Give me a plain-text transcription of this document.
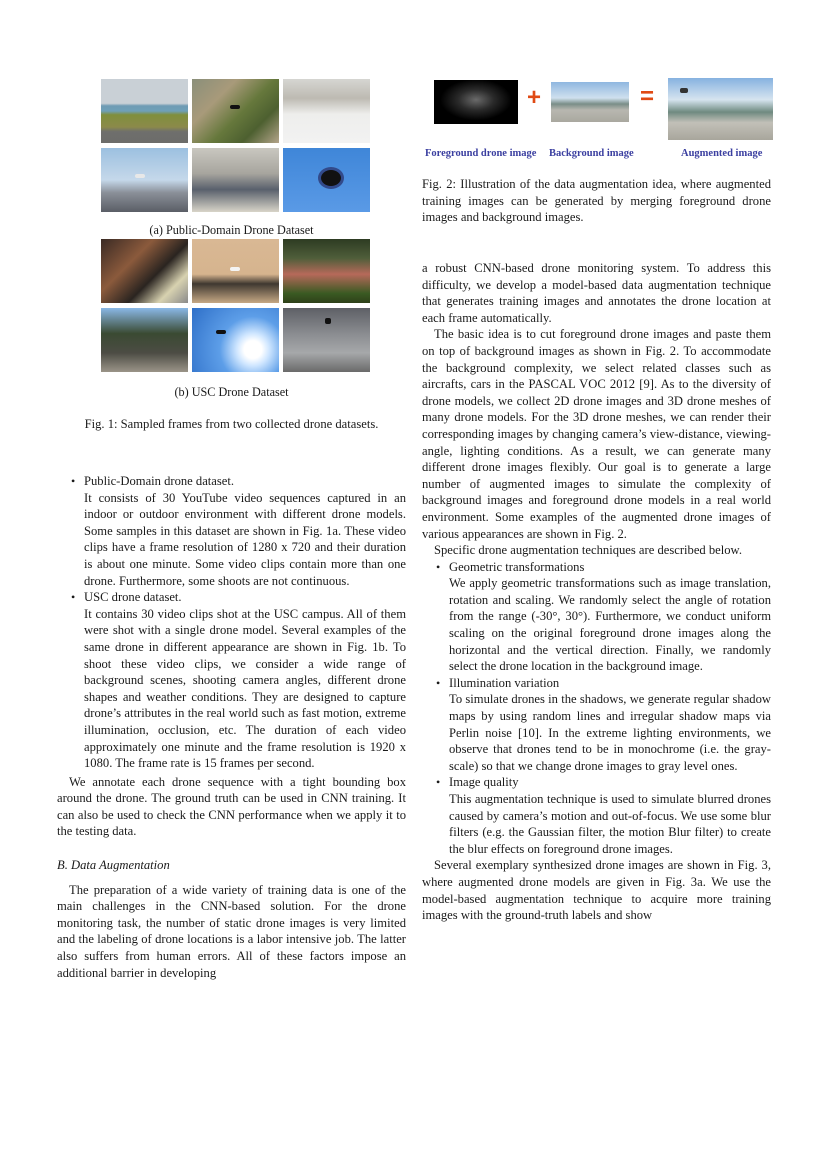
(a) Public-Domain Drone Dataset
(b) USC Drone Dataset
Fig. 1: Sampled frames from two collected drone datasets.
• Public-Domain drone dataset.

It consists of 30 YouTube video sequences captured in an indoor or outdoor environment with different drone models. Some samples in this dataset are shown in Fig. 1a. These video clips have a frame resolution of 1280 x 720 and their duration is about one minute. Some video clips contain more than one drone. Furthermore, some shoots are not continuous.

• USC drone dataset.

It contains 30 video clips shot at the USC campus. All of them were shot with a single drone model. Several examples of the same drone in different appearance are shown in Fig. 1b. To shoot these video clips, we consider a wide range of background scenes, shooting camera angles, different drone shapes and weather conditions. They are designed to capture drone’s attributes in the real world such as fast motion, extreme illumination, occlusion, etc. The duration of each video approximately one minute and the frame resolution is 1920 x 1080. The frame rate is 15 frames per second.

We annotate each drone sequence with a tight bounding box around the drone. The ground truth can be used in CNN training. It can also be used to check the CNN performance when we apply it to the testing data.

B. Data Augmentation

The preparation of a wide variety of training data is one of the main challenges in the CNN-based solution. For the drone monitoring task, the number of static drone images is very limited and the labeling of drone locations is a labor intensive job. The latter also suffers from human errors. All of these factors impose an additional barrier in developing

+	=
Foreground drone image Background image	Augmented image

Fig. 2: Illustration of the data augmentation idea, where augmented training images can be generated by merging foreground drone images and background images.

a robust CNN-based drone monitoring system. To address this difficulty, we develop a model-based data augmentation technique that generates training images and annotates the drone location at each frame automatically.

The basic idea is to cut foreground drone images and paste them on top of background images as shown in Fig. 2. To accommodate the background complexity, we select related classes such as aircrafts, cars in the PASCAL VOC 2012 [9]. As to the diversity of drone models, we collect 2D drone images and 3D drone meshes of many drone models. For the 3D drone meshes, we can render their corresponding images by changing camera’s view-distance, viewing-angle, lighting conditions. As a result, we can generate many different drone images flexibly. Our goal is to generate a large number of augmented images to simulate the complexity of background images and foreground drone models in a real world environment. Some examples of the augmented drone images of various appearances are shown in Fig. 2.

Specific drone augmentation techniques are described below.

• Geometric transformations

We apply geometric transformations such as image translation, rotation and scaling. We randomly select the angle of rotation from the range (-30°, 30°). Furthermore, we conduct uniform scaling on the original foreground drone images along the horizontal and the vertical direction. Finally, we randomly select the drone location in the background image.

• Illumination variation

To simulate drones in the shadows, we generate regular shadow maps by using random lines and irregular shadow maps via Perlin noise [10]. In the extreme lighting environments, we observe that drones tend to be in monochrome (i.e. the gray-scale) so that we change drone images to gray level ones.

• Image quality

This augmentation technique is used to simulate blurred drones caused by camera’s motion and out-of-focus. We use some blur filters (e.g. the Gaussian filter, the motion Blur filter) to create the blur effects on foreground drone images.

Several exemplary synthesized drone images are shown in Fig. 3, where augmented drone models are given in Fig. 3a. We use the model-based augmentation technique to acquire more training images with the ground-truth labels and show
